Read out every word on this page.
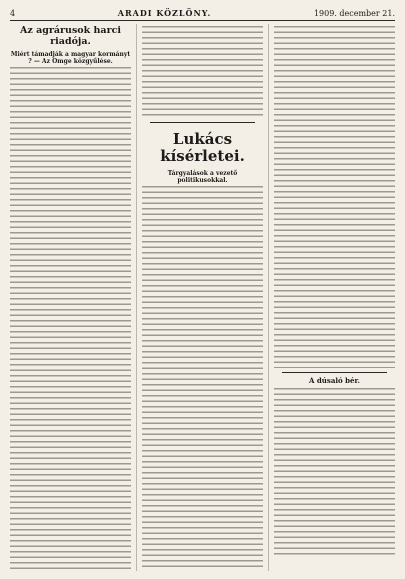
4	ARADI KÖZLÖNY.	1909. december 21.
Az agrárusok harci riadója.
Miért támadják a magyar kormányt ? — Az Omge közgyűlése.
Lukács kísérletei.
Tárgyalások a vezető politikusokkal.
A dúsaló bér.
